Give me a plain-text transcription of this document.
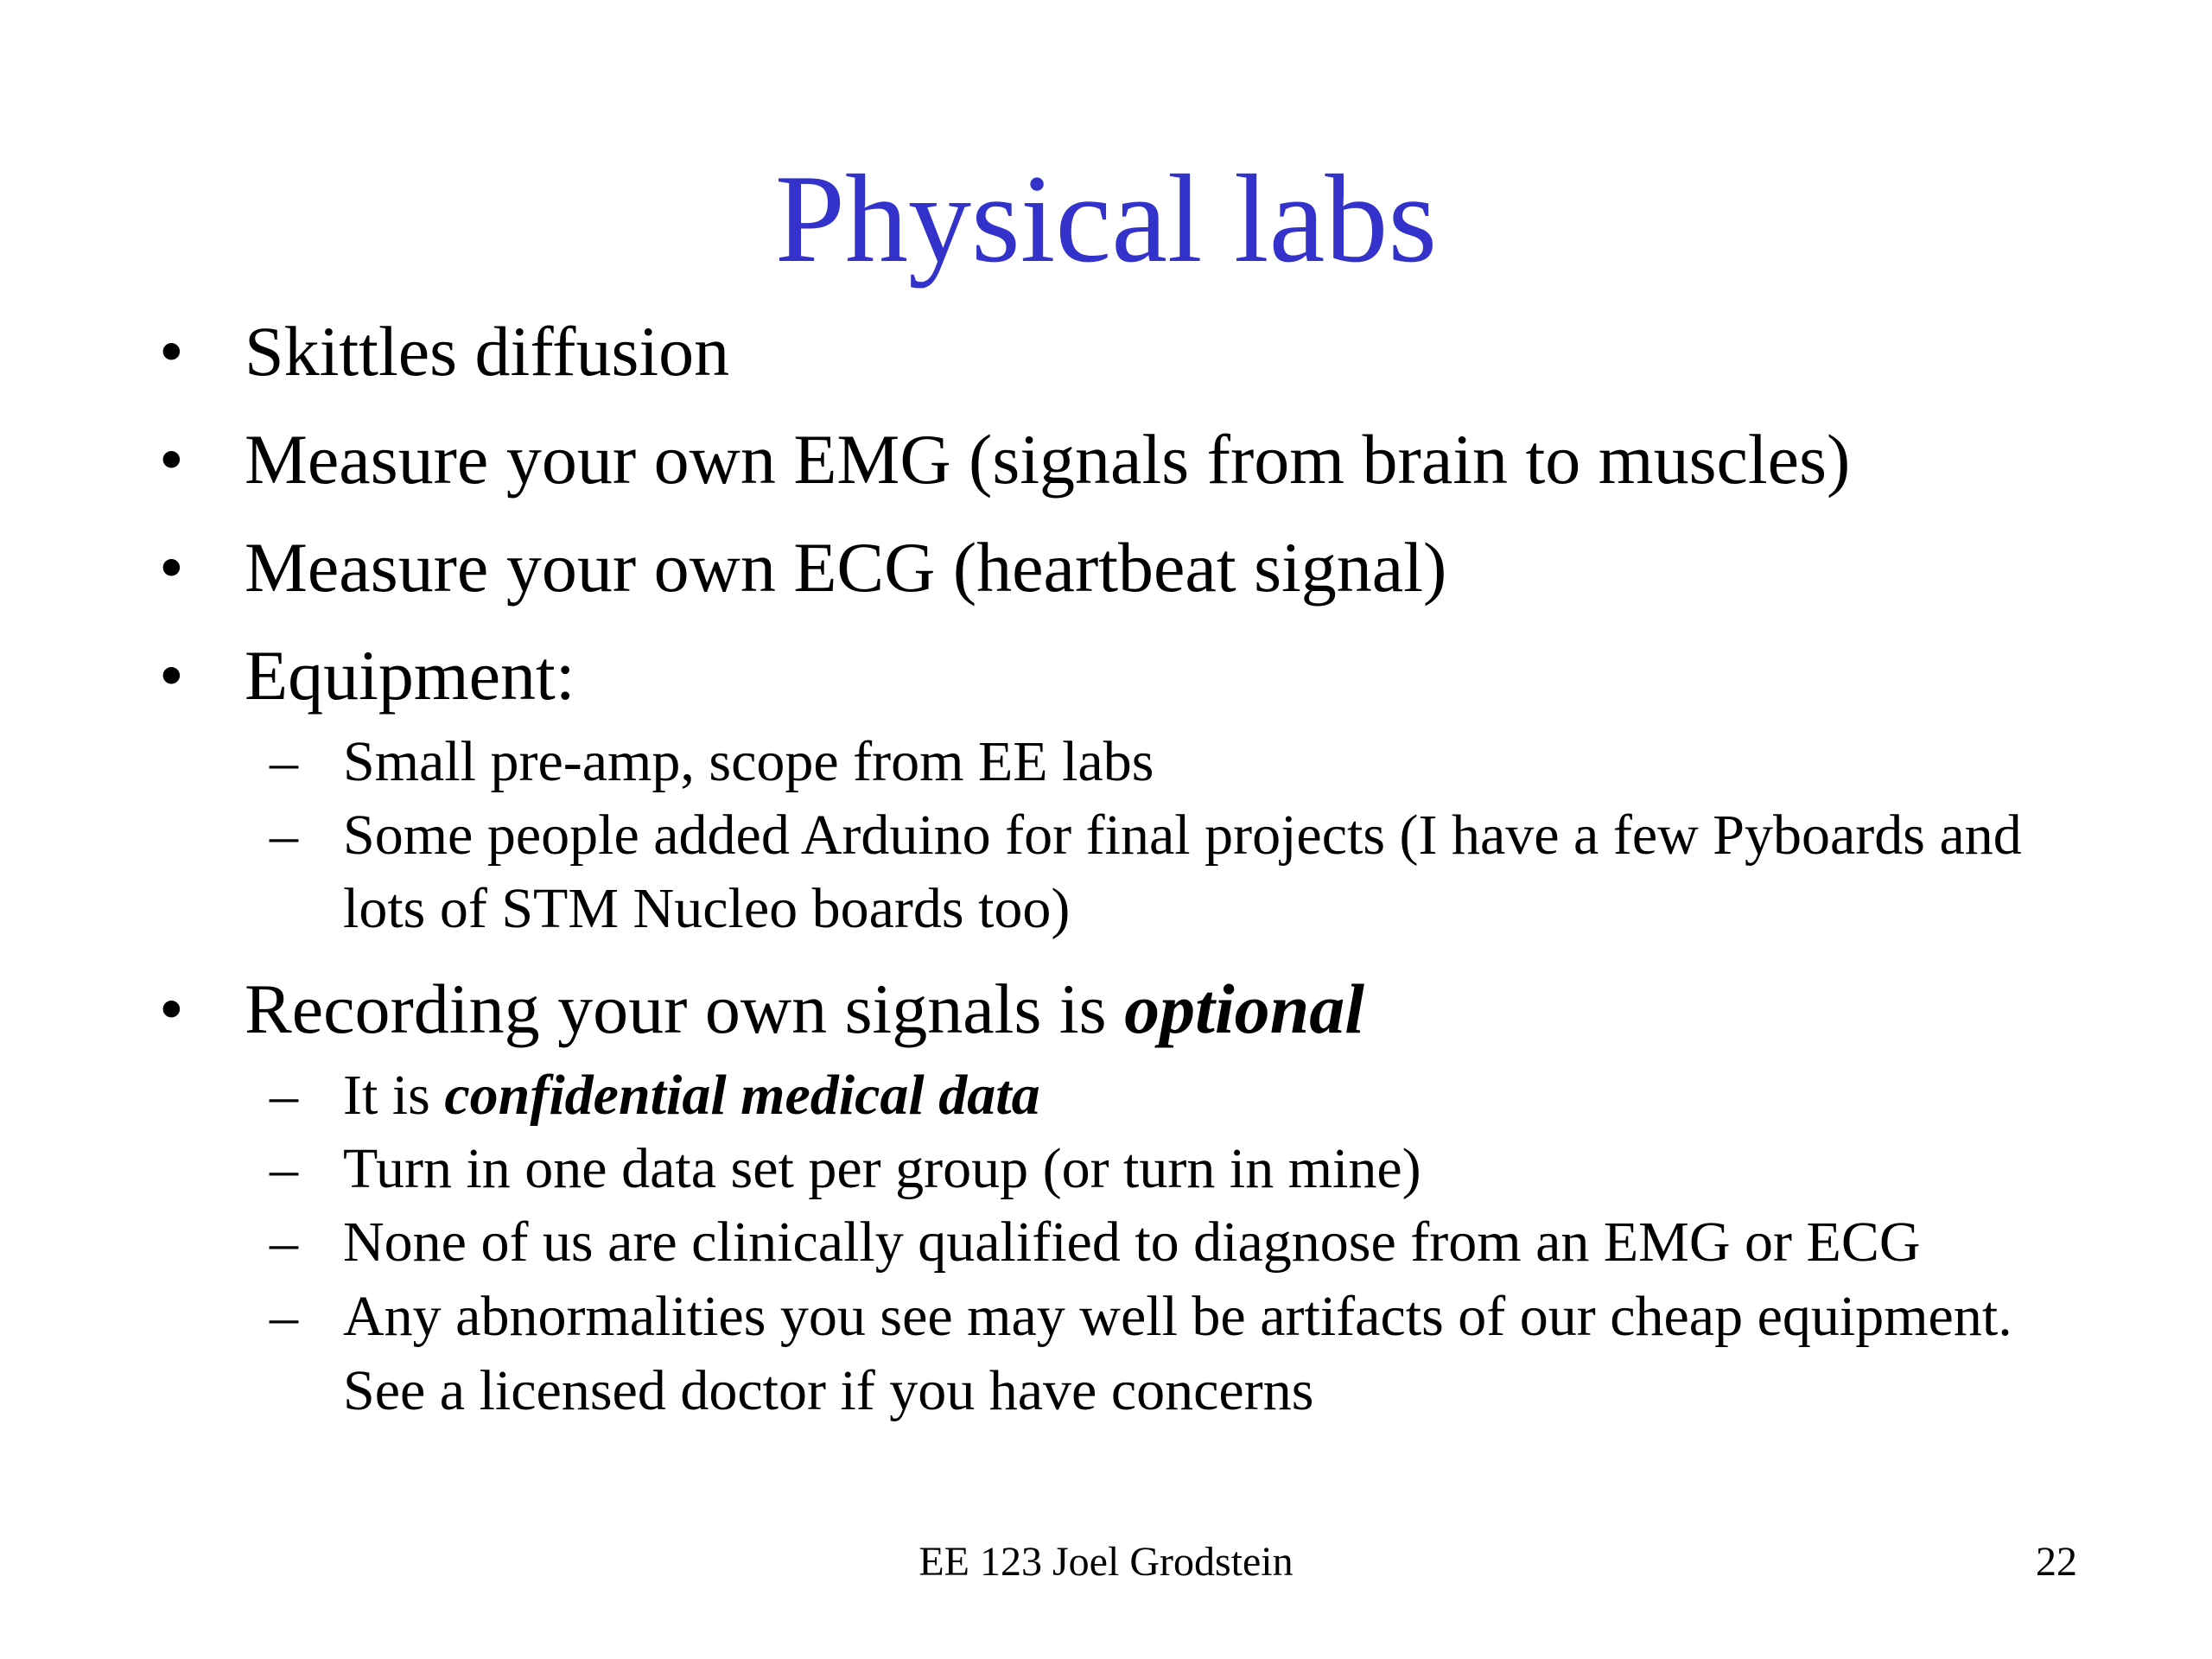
Physical labs
• Skittles diffusion
• Measure your own EMG (signals from brain to muscles)
• Measure your own ECG (heartbeat signal)
• Equipment:
– Small pre-amp, scope from EE labs
– Some people added Arduino for final projects (I have a few Pyboards and
lots of STM Nucleo boards too)
• Recording your own signals is optional
– It is confidential medical data
– Turn in one data set per group (or turn in mine)
– None of us are clinically qualified to diagnose from an EMG or ECG
– Any abnormalities you see may well be artifacts of our cheap equipment.
See a licensed doctor if you have concerns
EE 123 Joel Grodstein	22
